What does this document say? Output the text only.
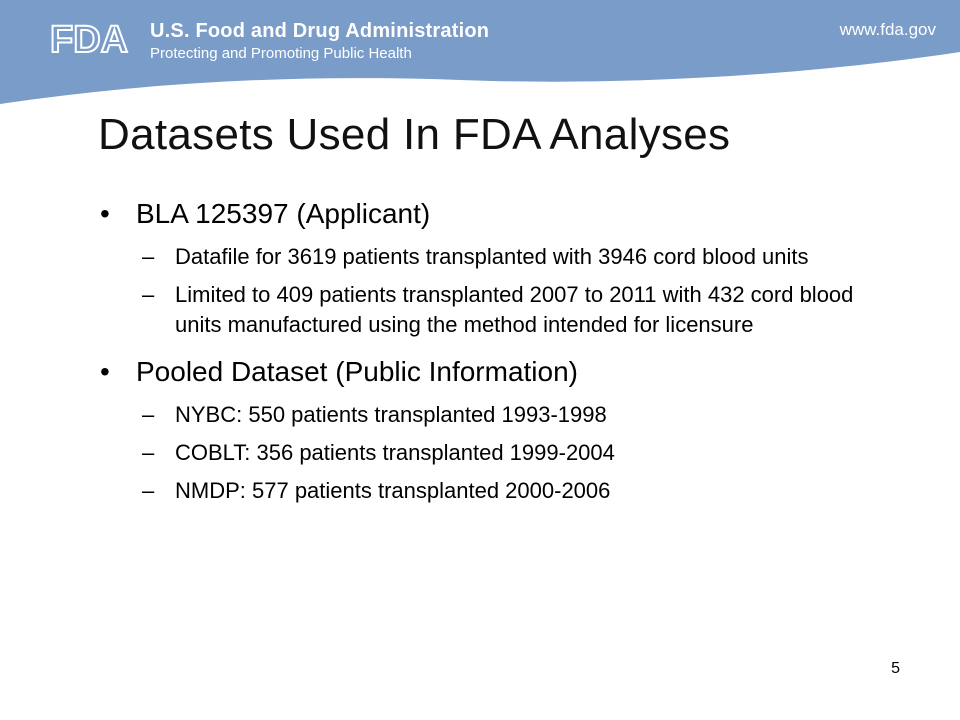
FDA U.S. Food and Drug Administration
Protecting and Promoting Public Health
www.fda.gov
Datasets Used In FDA Analyses
• BLA 125397 (Applicant)
– Datafile for 3619 patients transplanted with 3946 cord blood units
– Limited to 409 patients transplanted 2007 to 2011 with 432 cord blood units manufactured using the method intended for licensure
• Pooled Dataset (Public Information)
– NYBC: 550 patients transplanted 1993-1998
– COBLT: 356 patients transplanted 1999-2004
– NMDP: 577 patients transplanted 2000-2006
5
